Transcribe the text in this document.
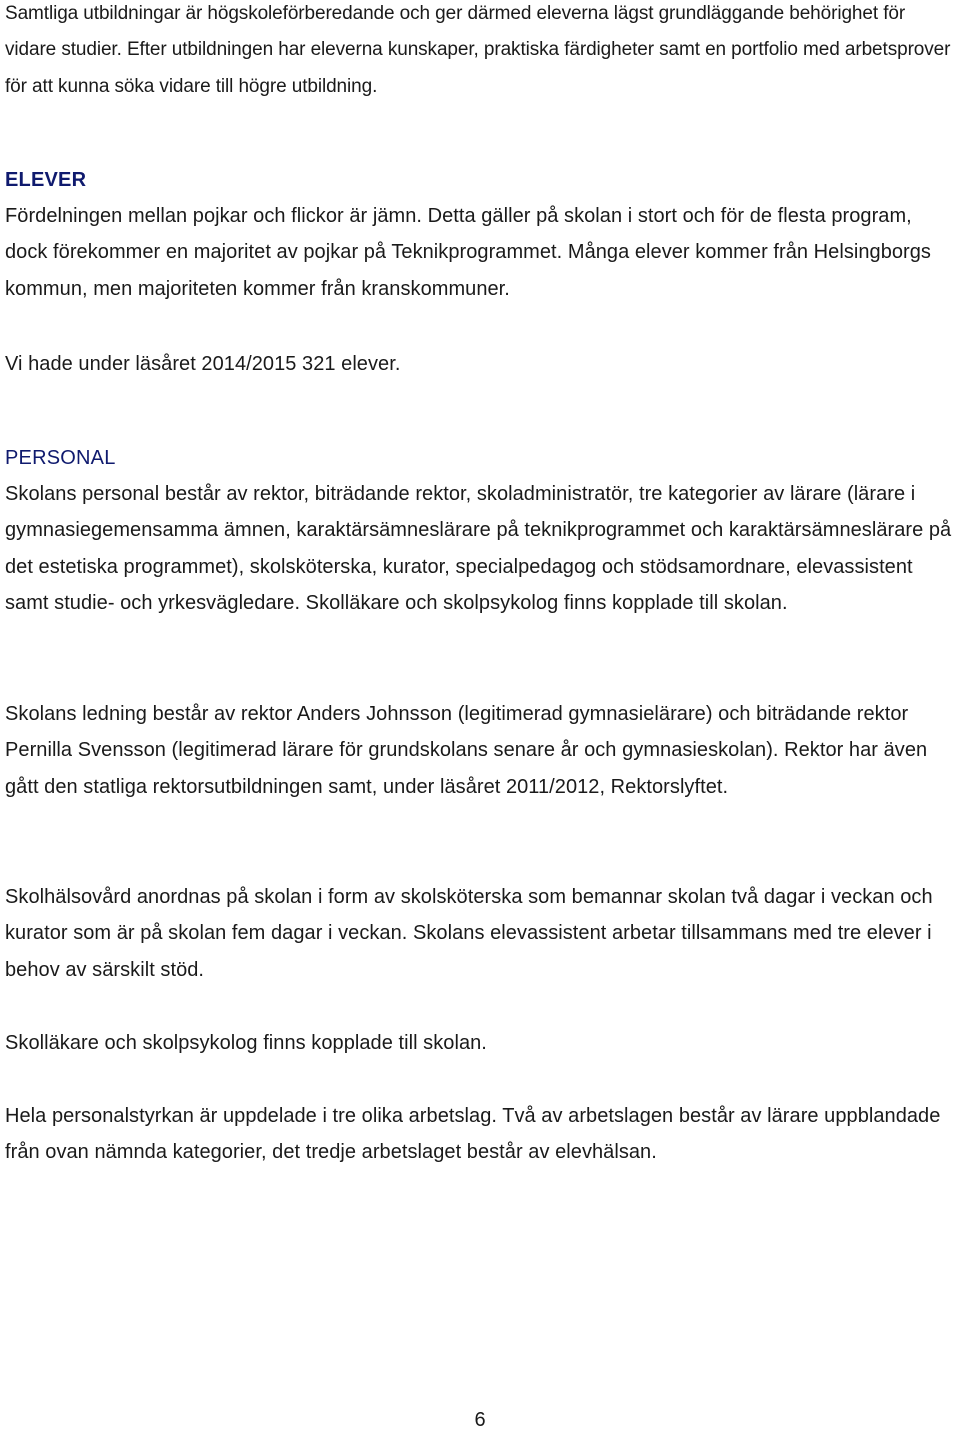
Samtliga utbildningar är högskoleförberedande och ger därmed eleverna lägst grundläggande behörighet för vidare studier. Efter utbildningen har eleverna kunskaper, praktiska färdigheter samt en portfolio med arbetsprover för att kunna söka vidare till högre utbildning.

ELEVER

Fördelningen mellan pojkar och flickor är jämn. Detta gäller på skolan i stort och för de flesta program, dock förekommer en majoritet av pojkar på Teknikprogrammet. Många elever kommer från Helsingborgs kommun, men majoriteten kommer från kranskommuner.

Vi hade under läsåret 2014/2015 321 elever.

PERSONAL

Skolans personal består av rektor, biträdande rektor, skoladministratör, tre kategorier av lärare (lärare i gymnasiegemensamma ämnen, karaktärsämneslärare på teknikprogrammet och karaktärsämneslärare på det estetiska programmet), skolsköterska, kurator, specialpedagog och stödsamordnare, elevassistent samt studie- och yrkesvägledare. Skolläkare och skolpsykolog finns kopplade till skolan.

Skolans ledning består av rektor Anders Johnsson (legitimerad gymnasielärare) och biträdande rektor Pernilla Svensson (legitimerad lärare för grundskolans senare år och gymnasieskolan). Rektor har även gått den statliga rektorsutbildningen samt, under läsåret 2011/2012, Rektorslyftet.

Skolhälsovård anordnas på skolan i form av skolsköterska som bemannar skolan två dagar i veckan och kurator som är på skolan fem dagar i veckan. Skolans elevassistent arbetar tillsammans med tre elever i behov av särskilt stöd.

Skolläkare och skolpsykolog finns kopplade till skolan.

Hela personalstyrkan är uppdelade i tre olika arbetslag. Två av arbetslagen består av lärare uppblandade från ovan nämnda kategorier, det tredje arbetslaget består av elevhälsan.

6
